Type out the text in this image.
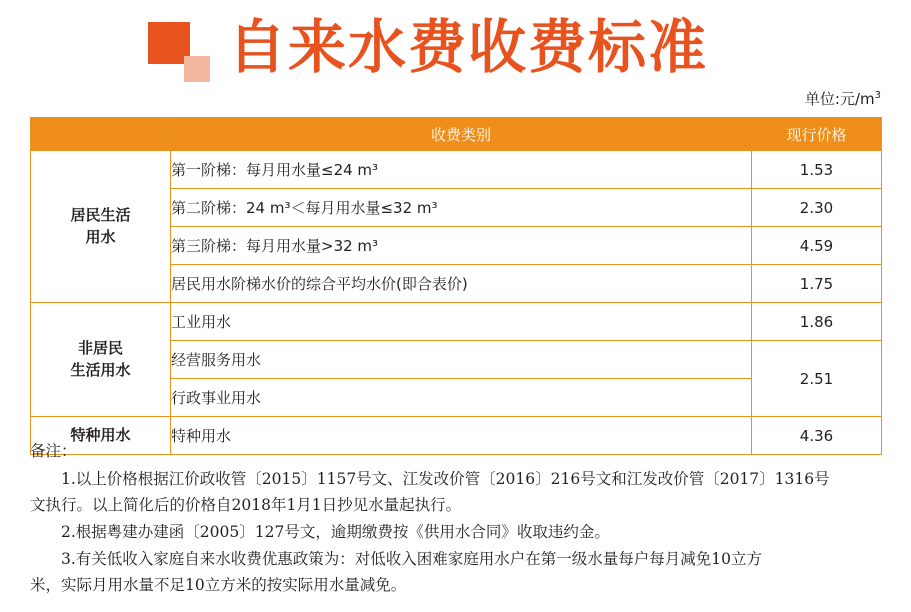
自来水费收费标准
单位:元$/m^3$
	收费类别	现行价格
居民生活
用水	第一阶梯：每月用水量≤24 m³	1.53
	第二阶梯：24 m³＜每月用水量≤32 m³	2.30
	第三阶梯：每月用水量>32 m³	4.59
	居民用水阶梯水价的综合平均水价(即合表价)	1.75
非居民
生活用水	工业用水	1.86
	经营服务用水	2.51
	行政事业用水	
特种用水	特种用水	4.36
备注：

1.以上价格根据江价政收管〔2015〕1157号文、江发改价管〔2016〕216号文和江发改价管〔2017〕1316号

文执行。以上简化后的价格自2018年1月1日抄见水量起执行。

2.根据粤建办建函〔2005〕127号文，逾期缴费按《供用水合同》收取违约金。

3.有关低收入家庭自来水收费优惠政策为：对低收入困难家庭用水户在第一级水量每户每月减免10立方

米，实际月用水量不足10立方米的按实际用水量减免。
